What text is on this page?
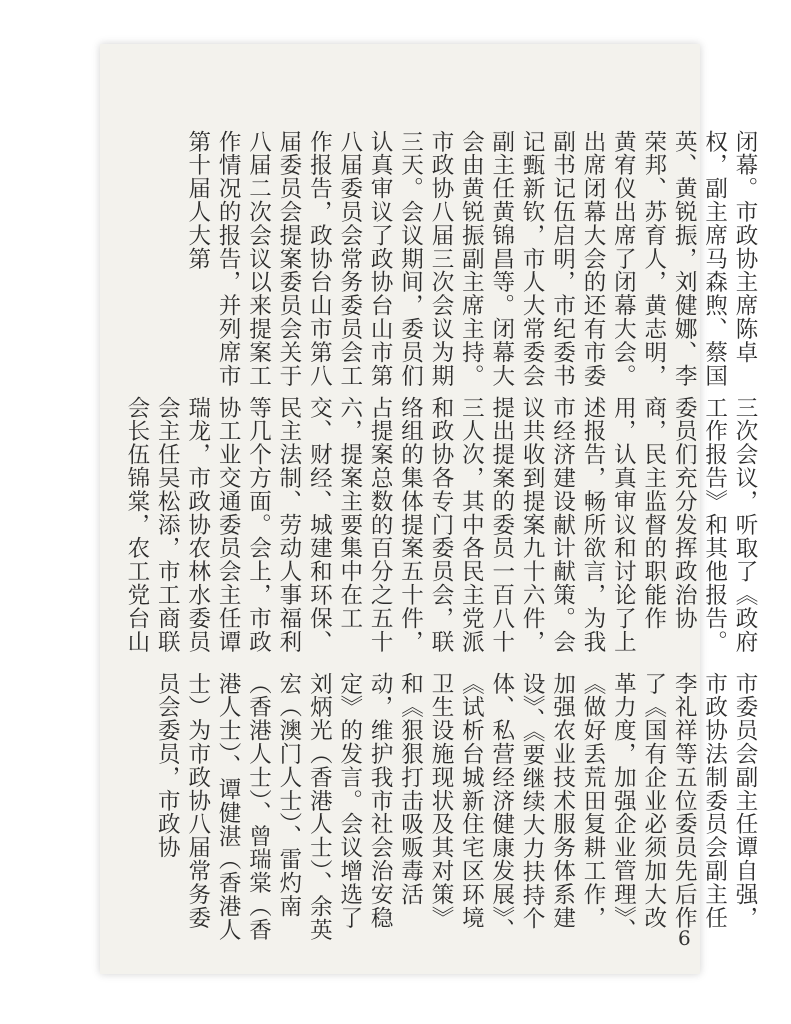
闭幕。市政协主席陈卓权，副主席马森煦、蔡国英、黄锐振，刘健娜、李荣邦、苏育人，黄志明，黄宥仪出席了闭幕大会。出席闭幕大会的还有市委副书记伍启明，市纪委书记甄新钦，市人大常委会副主任黄锦昌等。闭幕大会由黄锐振副主席主持。市政协八届三次会议为期三天。会议期间，委员们认真审议了政协台山市第八届委员会常务委员会工作报告，政协台山市第八届委员会提案委员会关于八届二次会议以来提案工作情况的报告，并列席市第十届人大第

三次会议，听取了《政府工作报告》和其他报告。委员们充分发挥政治协商，民主监督的职能作用，认真审议和讨论了上述报告，畅所欲言，为我市经济建设献计献策。会议共收到提案九十六件，提出提案的委员一百八十三人次，其中各民主党派和政协各专门委员会，联络组的集体提案五十件，占提案总数的百分之五十六，提案主要集中在工交、财经、城建和环保、民主法制、劳动人事福利等几个方面。会上，市政协工业交通委员会主任谭瑞龙，市政协农林水委员会主任吴松添，市工商联会长伍锦棠，农工党台山

市委员会副主任谭自强，市政协法制委员会副主任李礼祥等五位委员先后作了《国有企业必须加大改革力度，加强企业管理》、《做好丢荒田复耕工作，加强农业技术服务体系建设》、《要继续大力扶持个体、私营经济健康发展》、《试析台城新住宅区环境卫生设施现状及其对策》和《狠狠打击吸贩毒活动，维护我市社会治安稳定》的发言。会议增选了刘炳光（香港人士）、余英宏（澳门人士）、雷灼南（香港人士）、曾瑞棠（香港人士）、谭健湛（香港人士）为市政协八届常务委员会委员，市政协

6
